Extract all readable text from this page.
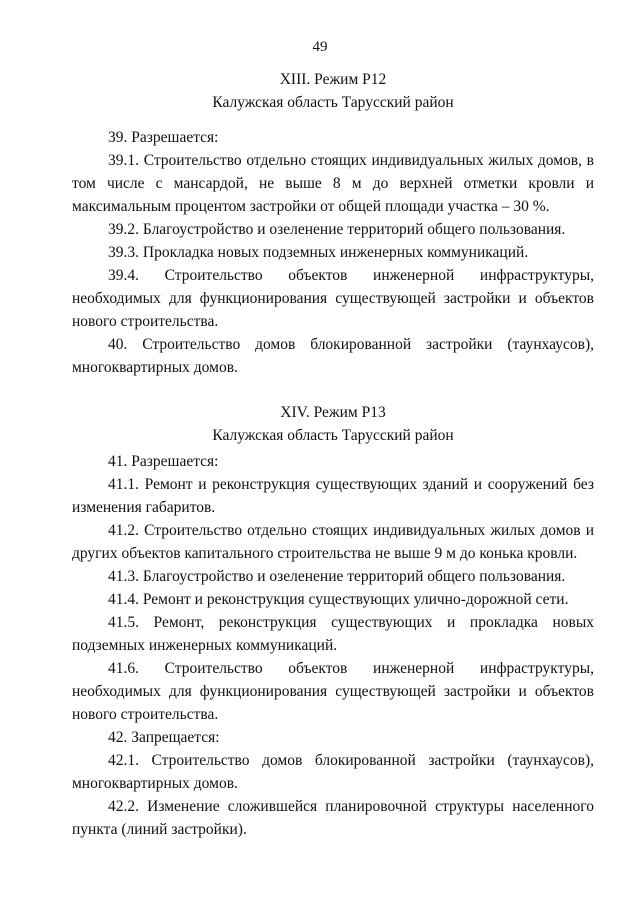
49

XIII. Режим Р12

Калужская область Тарусский район

39. Разрешается:

39.1. Строительство отдельно стоящих индивидуальных жилых домов, в том числе с мансардой, не выше 8 м до верхней отметки кровли и максимальным процентом застройки от общей площади участка – 30 %.

39.2. Благоустройство и озеленение территорий общего пользования.

39.3. Прокладка новых подземных инженерных коммуникаций.

39.4. Строительство объектов инженерной инфраструктуры, необходимых для функционирования существующей застройки и объектов нового строительства.

40. Строительство домов блокированной застройки (таунхаусов), многоквартирных домов.

XIV. Режим Р13

Калужская область Тарусский район

41. Разрешается:

41.1. Ремонт и реконструкция существующих зданий и сооружений без изменения габаритов.

41.2. Строительство отдельно стоящих индивидуальных жилых домов и других объектов капитального строительства не выше 9 м до конька кровли.

41.3. Благоустройство и озеленение территорий общего пользования.

41.4. Ремонт и реконструкция существующих улично-дорожной сети.

41.5. Ремонт, реконструкция существующих и прокладка новых подземных инженерных коммуникаций.

41.6. Строительство объектов инженерной инфраструктуры, необходимых для функционирования существующей застройки и объектов нового строительства.

42. Запрещается:

42.1. Строительство домов блокированной застройки (таунхаусов), многоквартирных домов.

42.2. Изменение сложившейся планировочной структуры населенного пункта (линий застройки).
